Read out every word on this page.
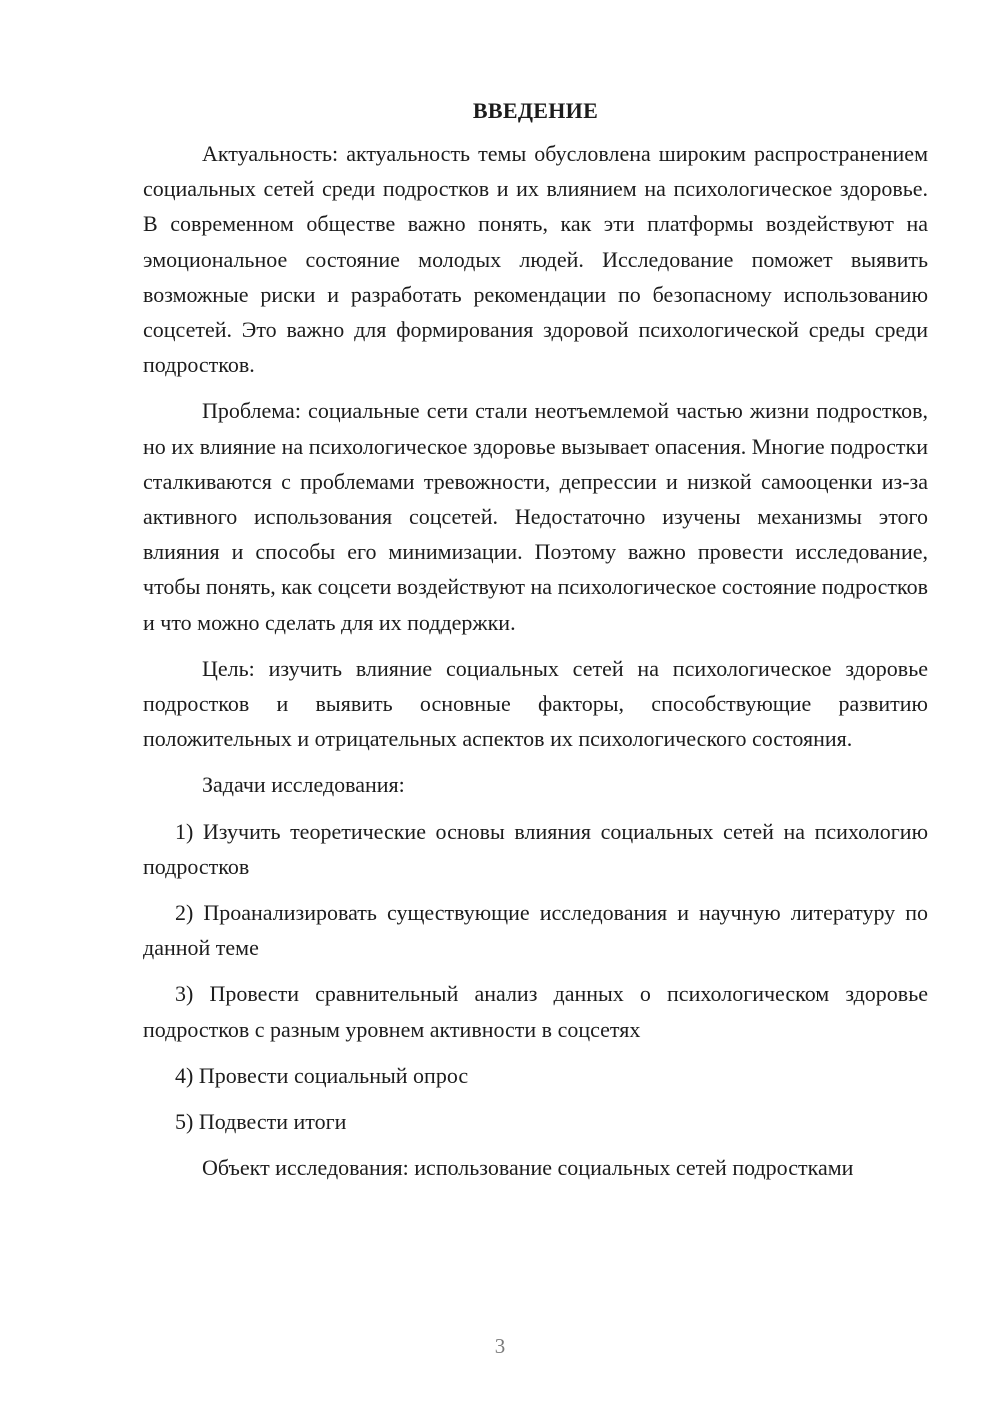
ВВЕДЕНИЕ

Актуальность: актуальность темы обусловлена широким распространением социальных сетей среди подростков и их влиянием на психологическое здоровье. В современном обществе важно понять, как эти платформы воздействуют на эмоциональное состояние молодых людей. Исследование поможет выявить возможные риски и разработать рекомендации по безопасному использованию соцсетей. Это важно для формирования здоровой психологической среды среди подростков.

Проблема: социальные сети стали неотъемлемой частью жизни подростков, но их влияние на психологическое здоровье вызывает опасения. Многие подростки сталкиваются с проблемами тревожности, депрессии и низкой самооценки из-за активного использования соцсетей. Недостаточно изучены механизмы этого влияния и способы его минимизации. Поэтому важно провести исследование, чтобы понять, как соцсети воздействуют на психологическое состояние подростков и что можно сделать для их поддержки.

Цель: изучить влияние социальных сетей на психологическое здоровье подростков и выявить основные факторы, способствующие развитию положительных и отрицательных аспектов их психологического состояния.

Задачи исследования:

1) Изучить теоретические основы влияния социальных сетей на психологию подростков

2) Проанализировать существующие исследования и научную литературу по данной теме

3) Провести сравнительный анализ данных о психологическом здоровье подростков с разным уровнем активности в соцсетях

4) Провести социальный опрос

5) Подвести итоги

Объект исследования: использование социальных сетей подростками

3
